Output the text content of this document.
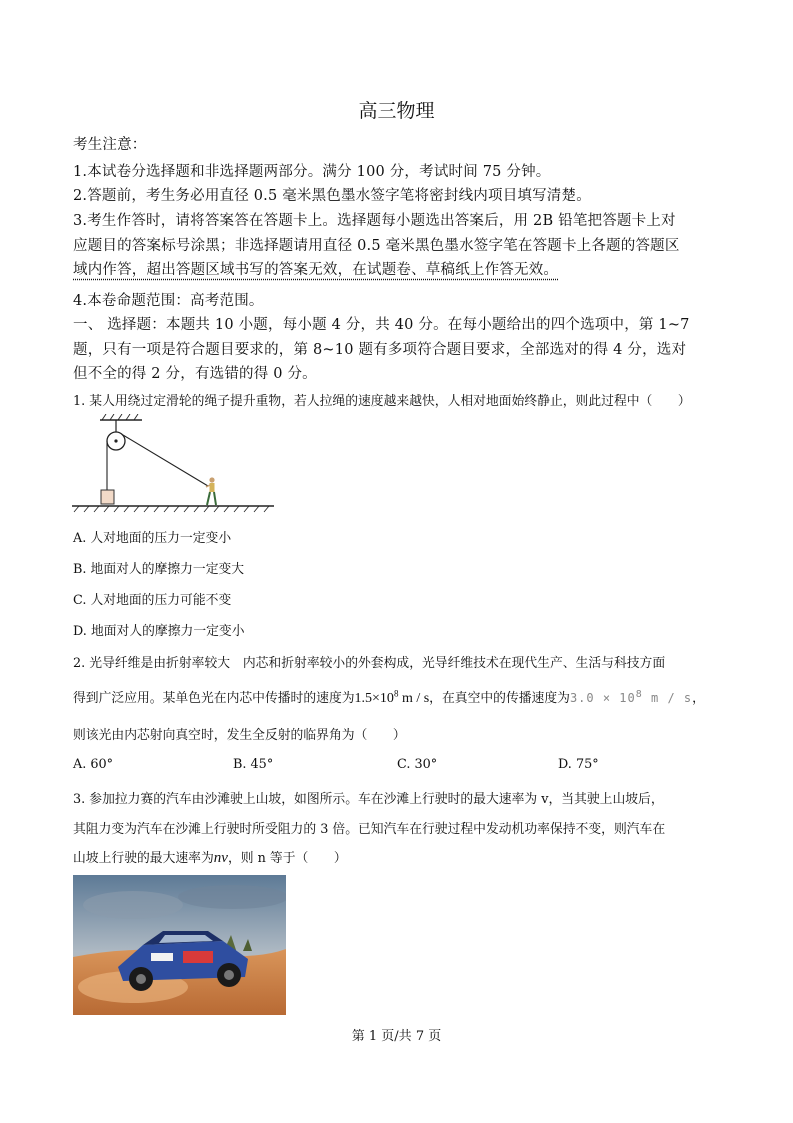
高三物理
考生注意：
1.本试卷分选择题和非选择题两部分。满分 100 分，考试时间 75 分钟。
2.答题前，考生务必用直径 0.5 毫米黑色墨水签字笔将密封线内项目填写清楚。
3.考生作答时，请将答案答在答题卡上。选择题每小题选出答案后，用 2B 铅笔把答题卡上对
应题目的答案标号涂黑；非选择题请用直径 0.5 毫米黑色墨水签字笔在答题卡上各题的答题区
域内作答，超出答题区域书写的答案无效，在试题卷、草稿纸上作答无效。
4.本卷命题范围：高考范围。
一、 选择题：本题共 10 小题，每小题 4 分，共 40 分。在每小题给出的四个选项中，第 1~7
题，只有一项是符合题目要求的，第 8~10 题有多项符合题目要求，全部选对的得 4 分，选对
但不全的得 2 分，有选错的得 0 分。
1. 某人用绕过定滑轮的绳子提升重物，若人拉绳的速度越来越快，人相对地面始终静止，则此过程中（　　）
A. 人对地面的压力一定变小
B. 地面对人的摩擦力一定变大
C. 人对地面的压力可能不变
D. 地面对人的摩擦力一定变小
2. 光导纤维是由折射率较大　内芯和折射率较小的外套构成，光导纤维技术在现代生产、生活与科技方面
得到广泛应用。某单色光在内芯中传播时的速度为$1.5\times 10^8$ m / s，在真空中的传播速度为$3.0 \times 10^8$ m / s，
则该光由内芯射向真空时，发生全反射的临界角为（　　）
A. 60°	B. 45°	C. 30°	D. 75°
3. 参加拉力赛的汽车由沙滩驶上山坡，如图所示。车在沙滩上行驶时的最大速率为 v，当其驶上山坡后，
其阻力变为汽车在沙滩上行驶时所受阻力的 3 倍。已知汽车在行驶过程中发动机功率保持不变，则汽车在
山坡上行驶的最大速率为nv，则 n 等于（　　）
第 1 页/共 7 页
